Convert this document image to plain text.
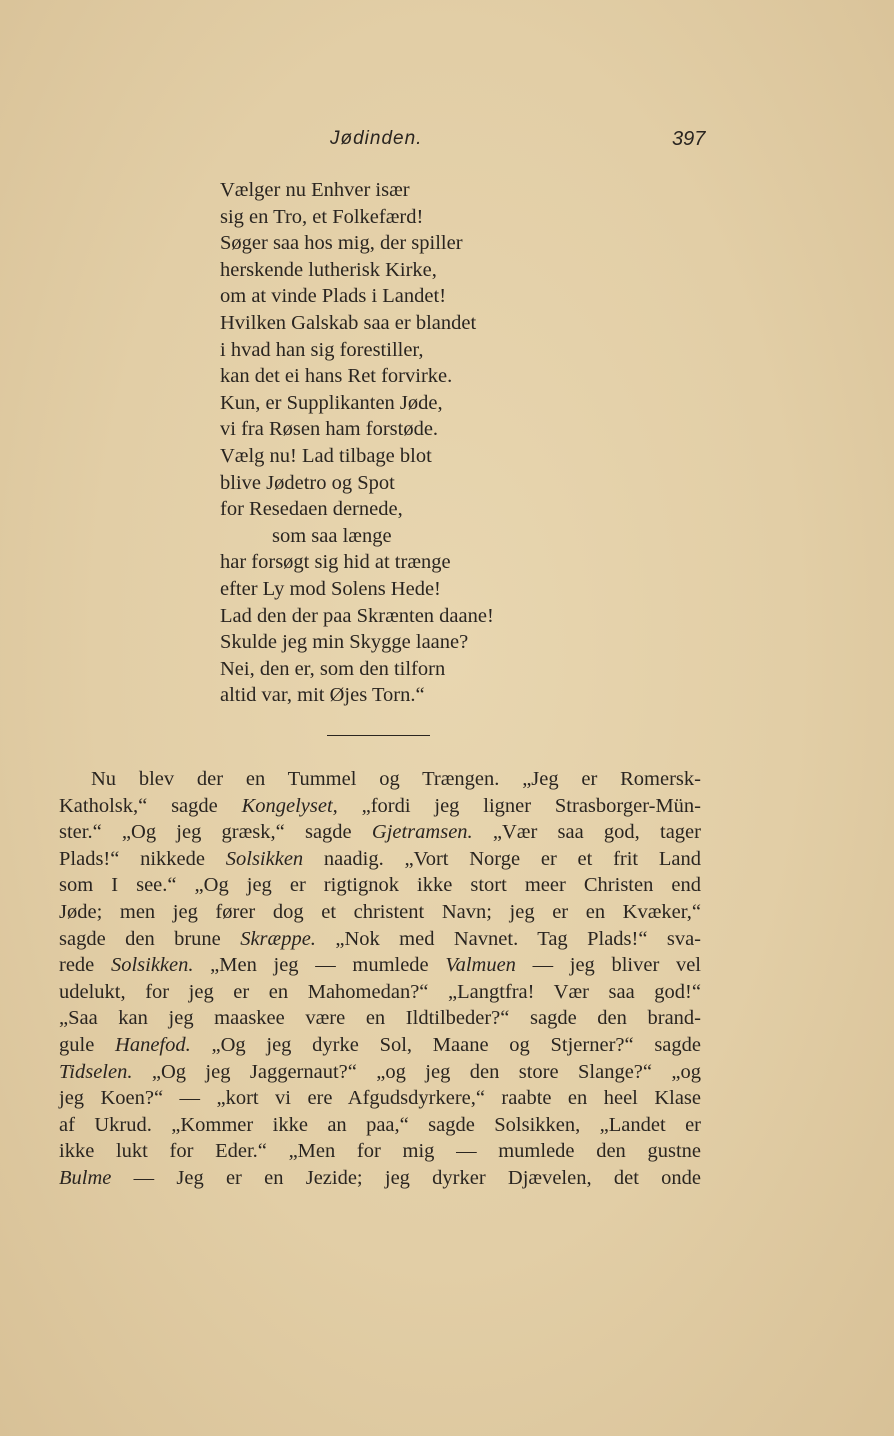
Jødinden.	397
Vælger nu Enhver især
sig en Tro, et Folkefærd!
Søger saa hos mig, der spiller
herskende lutherisk Kirke,
om at vinde Plads i Landet!
Hvilken Galskab saa er blandet
i hvad han sig forestiller,
kan det ei hans Ret forvirke.
Kun, er Supplikanten Jøde,
vi fra Røsen ham forstøde.
Vælg nu! Lad tilbage blot
blive Jødetro og Spot
for Resedaen dernede,
som saa længe
har forsøgt sig hid at trænge
efter Ly mod Solens Hede!
Lad den der paa Skrænten daane!
Skulde jeg min Skygge laane?
Nei, den er, som den tilforn
altid var, mit Øjes Torn.“
Nu blev der en Tummel og Trængen. „Jeg er Romersk-
Katholsk,“ sagde Kongelyset, „fordi jeg ligner Strasborger-Mün-
ster.“ „Og jeg græsk,“ sagde Gjetramsen. „Vær saa god, tager
Plads!“ nikkede Solsikken naadig. „Vort Norge er et frit Land
som I see.“ „Og jeg er rigtignok ikke stort meer Christen end
Jøde; men jeg fører dog et christent Navn; jeg er en Kvæker,“
sagde den brune Skræppe. „Nok med Navnet. Tag Plads!“ sva-
rede Solsikken. „Men jeg — mumlede Valmuen — jeg bliver vel
udelukt, for jeg er en Mahomedan?“ „Langtfra! Vær saa god!“
„Saa kan jeg maaskee være en Ildtilbeder?“ sagde den brand-
gule Hanefod. „Og jeg dyrke Sol, Maane og Stjerner?“ sagde
Tidselen. „Og jeg Jaggernaut?“ „og jeg den store Slange?“ „og
jeg Koen?“ — „kort vi ere Afgudsdyrkere,“ raabte en heel Klase
af Ukrud. „Kommer ikke an paa,“ sagde Solsikken, „Landet er
ikke lukt for Eder.“ „Men for mig — mumlede den gustne
Bulme — Jeg er en Jezide; jeg dyrker Djævelen, det onde
